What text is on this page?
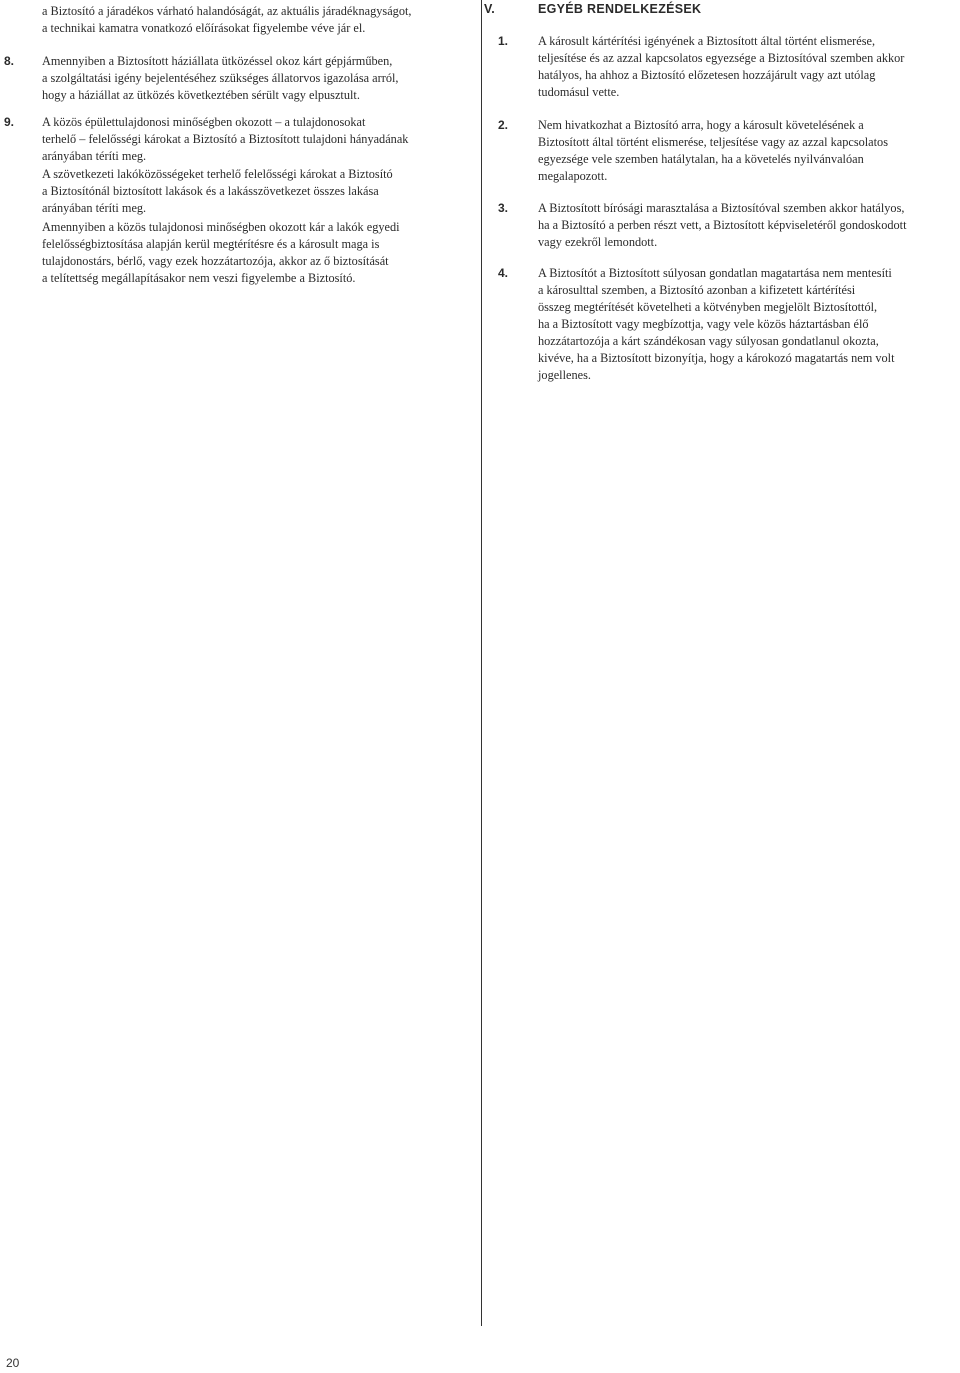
a Biztosító a járadékos várható halandóságát, az aktuális járadéknagyságot,
a technikai kamatra vonatkozó előírásokat figyelembe véve jár el.
8. Amennyiben a Biztosított háziállata ütközéssel okoz kárt gépjárműben,
a szolgáltatási igény bejelentéséhez szükséges állatorvos igazolása arról,
hogy a háziállat az ütközés következtében sérült vagy elpusztult.
9. A közös épülettulajdonosi minőségben okozott – a tulajdonosokat
terhelő – felelősségi károkat a Biztosító a Biztosított tulajdoni hányadának
arányában téríti meg.
A szövetkezeti lakóközösségeket terhelő felelősségi károkat a Biztosító
a Biztosítónál biztosított lakások és a lakásszövetkezet összes lakása
arányában téríti meg.
Amennyiben a közös tulajdonosi minőségben okozott kár a lakók egyedi
felelősségbiztosítása alapján kerül megtérítésre és a károsult maga is
tulajdonostárs, bérlő, vagy ezek hozzátartozója, akkor az ő biztosítását
a telítettség megállapításakor nem veszi figyelembe a Biztosító.
V.	EGYÉB RENDELKEZÉSEK
1. A károsult kártérítési igényének a Biztosított által történt elismerése,
teljesítése és az azzal kapcsolatos egyezsége a Biztosítóval szemben akkor
hatályos, ha ahhoz a Biztosító előzetesen hozzájárult vagy azt utólag
tudomásul vette.
2. Nem hivatkozhat a Biztosító arra, hogy a károsult követelésének a
Biztosított által történt elismerése, teljesítése vagy az azzal kapcsolatos
egyezsége vele szemben hatálytalan, ha a követelés nyilvánvalóan
megalapozott.
3. A Biztosított bírósági marasztalása a Biztosítóval szemben akkor hatályos,
ha a Biztosító a perben részt vett, a Biztosított képviseletéről gondoskodott
vagy ezekről lemondott.
4. A Biztosítót a Biztosított súlyosan gondatlan magatartása nem mentesíti
a károsulttal szemben, a Biztosító azonban a kifizetett kártérítési
összeg megtérítését követelheti a kötvényben megjelölt Biztosítottól,
ha a Biztosított vagy megbízottja, vagy vele közös háztartásban élő
hozzátartozója a kárt szándékosan vagy súlyosan gondatlanul okozta,
kivéve, ha a Biztosított bizonyítja, hogy a károkozó magatartás nem volt
jogellenes.
20
